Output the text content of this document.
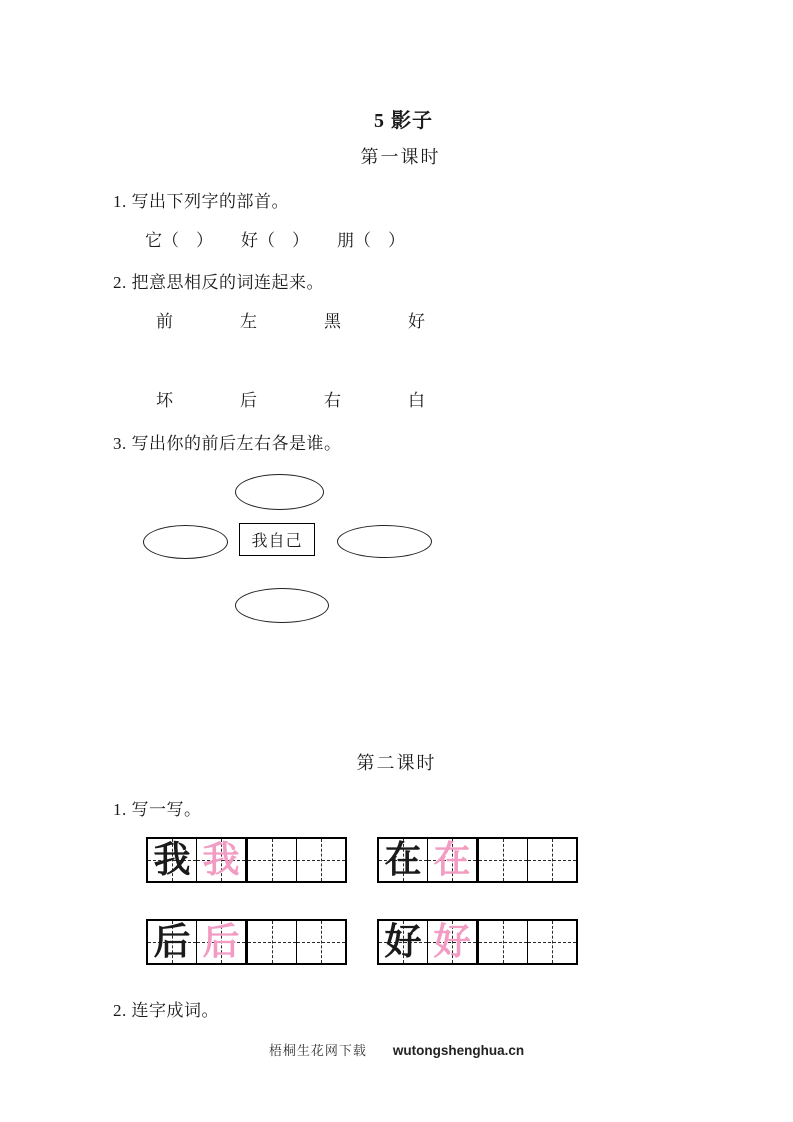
5 影子
第一课时
1. 写出下列字的部首。
它（　） 好（　） 朋（　）
2. 把意思相反的词连起来。
前	左	黑	好
坏	后	右	白
3. 写出你的前后左右各是谁。
我自己
第二课时
1. 写一写。
我 我	在 在
后 后	好 好
2. 连字成词。
梧桐生花网下载 wutongshenghua.cn
